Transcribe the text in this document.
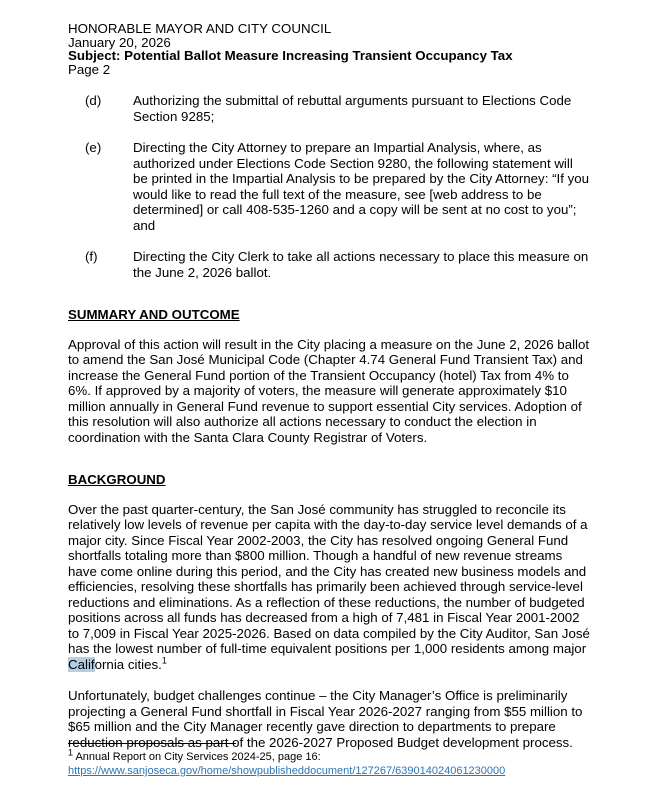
HONORABLE MAYOR AND CITY COUNCIL
January 20, 2026
Subject: Potential Ballot Measure Increasing Transient Occupancy Tax
Page 2
(d)	Authorizing the submittal of rebuttal arguments pursuant to Elections Code Section 9285;
(e)	Directing the City Attorney to prepare an Impartial Analysis, where, as authorized under Elections Code Section 9280, the following statement will be printed in the Impartial Analysis to be prepared by the City Attorney: “If you would like to read the full text of the measure, see [web address to be determined] or call 408-535-1260 and a copy will be sent at no cost to you”; and
(f)	Directing the City Clerk to take all actions necessary to place this measure on the June 2, 2026 ballot.
SUMMARY AND OUTCOME

Approval of this action will result in the City placing a measure on the June 2, 2026 ballot to amend the San José Municipal Code (Chapter 4.74 General Fund Transient Tax) and increase the General Fund portion of the Transient Occupancy (hotel) Tax from 4% to 6%. If approved by a majority of voters, the measure will generate approximately $10 million annually in General Fund revenue to support essential City services. Adoption of this resolution will also authorize all actions necessary to conduct the election in coordination with the Santa Clara County Registrar of Voters.

BACKGROUND

Over the past quarter-century, the San José community has struggled to reconcile its relatively low levels of revenue per capita with the day-to-day service level demands of a major city. Since Fiscal Year 2002-2003, the City has resolved ongoing General Fund shortfalls totaling more than $800 million. Though a handful of new revenue streams have come online during this period, and the City has created new business models and efficiencies, resolving these shortfalls has primarily been achieved through service-level reductions and eliminations. As a reflection of these reductions, the number of budgeted positions across all funds has decreased from a high of 7,481 in Fiscal Year 2001-2002 to 7,009 in Fiscal Year 2025-2026. Based on data compiled by the City Auditor, San José has the lowest number of full-time equivalent positions per 1,000 residents among major California cities.$^1$

Unfortunately, budget challenges continue – the City Manager’s Office is preliminarily projecting a General Fund shortfall in Fiscal Year 2026-2027 ranging from $55 million to $65 million and the City Manager recently gave direction to departments to prepare reduction proposals as part of the 2026-2027 Proposed Budget development process.

$^1$ Annual Report on City Services 2024-25, page 16:
https://www.sanjoseca.gov/home/showpublisheddocument/127267/639014024061230000
